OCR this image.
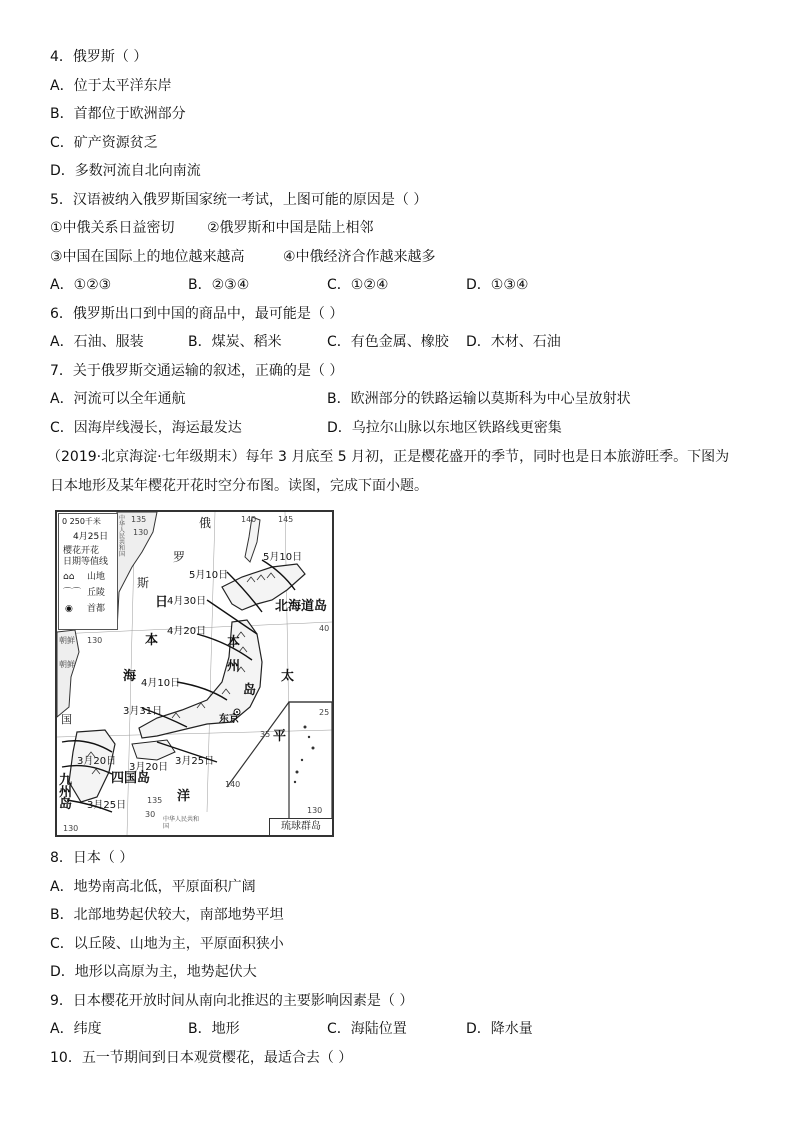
4．俄罗斯（ ）
A．位于太平洋东岸
B．首都位于欧洲部分
C．矿产资源贫乏
D．多数河流自北向南流
5．汉语被纳入俄罗斯国家统一考试，上图可能的原因是（ ）
①中俄关系日益密切 ②俄罗斯和中国是陆上相邻
③中国在国际上的地位越来越高	④中俄经济合作越来越多
A．①②③	B．②③④	C．①②④	D．①③④
6．俄罗斯出口到中国的商品中，最可能是（ ）
A．石油、服装	B．煤炭、稻米	C．有色金属、橡胶 D．木材、石油
7．关于俄罗斯交通运输的叙述，正确的是（ ）
A．河流可以全年通航	B．欧洲部分的铁路运输以莫斯科为中心呈放射状
C．因海岸线漫长，海运最发达	D．乌拉尔山脉以东地区铁路线更密集
（2019·北京海淀·七年级期末）每年 3 月底至 5 月初，正是樱花盛开的季节，同时也是日本旅游旺季。下图为
日本地形及某年樱花开花时空分布图。读图，完成下面小题。
0 250千米
4月25日
樱花开花
日期等值线
⌂⌂ 山地
⌒⌒ 丘陵
◉ 首都
130
135	140	145
130
40
35
140
135
130
30	130
25
中华人民共和国
俄
罗
斯
日
本
海	太
平
洋
北海道岛
本
州
岛
四国岛
九
州
岛
东京
朝鲜
朝鲜
国
中华人民共和国
5月10日
5月10日
4月30日
4月20日
4月10日
3月31日
3月25日
3月20日
3月20日
3月25日
琉球群岛
8．日本（ ）
A．地势南高北低，平原面积广阔
B．北部地势起伏较大，南部地势平坦
C．以丘陵、山地为主，平原面积狭小
D．地形以高原为主，地势起伏大
9．日本樱花开放时间从南向北推迟的主要影响因素是（ ）
A．纬度	B．地形	C．海陆位置	D．降水量
10．五一节期间到日本观赏樱花，最适合去（ ）
